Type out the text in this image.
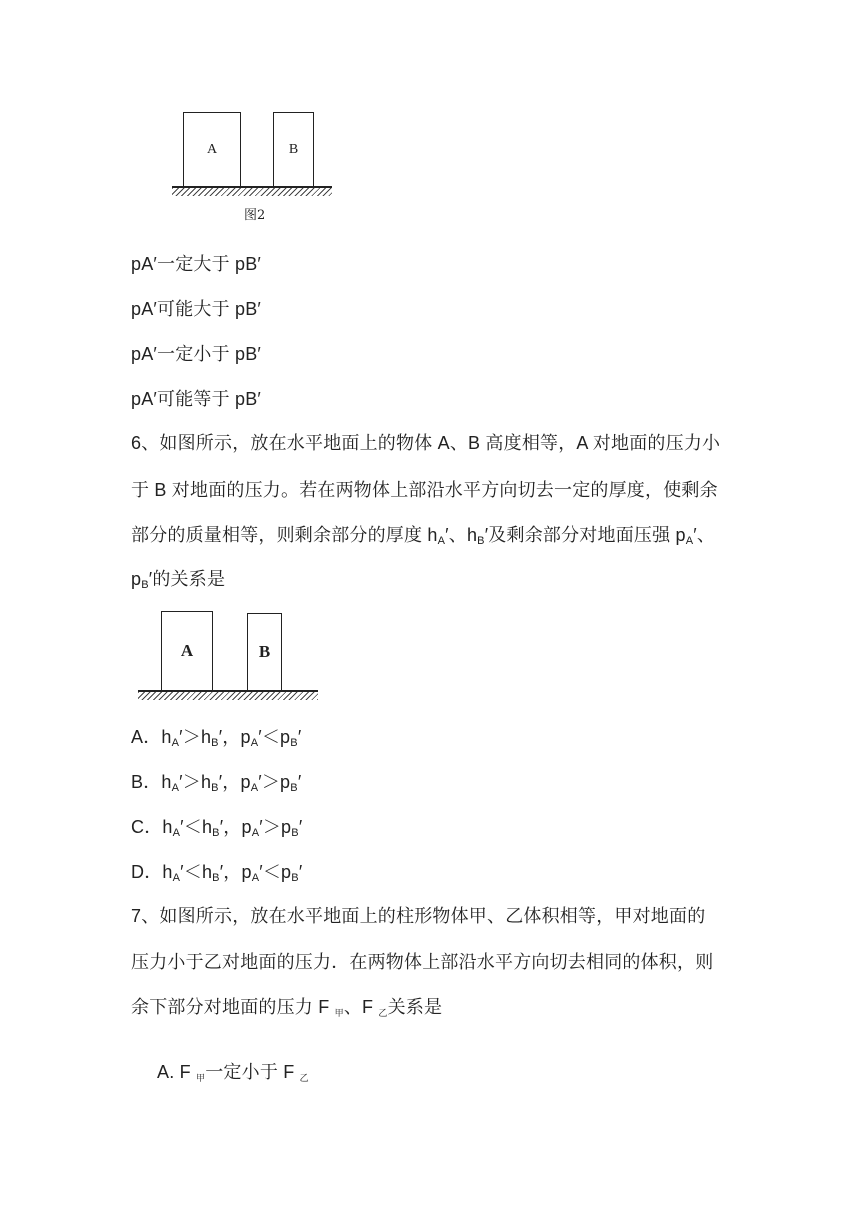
A	B
图2
pA′一定大于 pB′
pA′可能大于 pB′
pA′一定小于 pB′
pA′可能等于 pB′
6、如图所示，放在水平地面上的物体 A、B 高度相等，A 对地面的压力小
于 B 对地面的压力。若在两物体上部沿水平方向切去一定的厚度，使剩余
部分的质量相等，则剩余部分的厚度 $h_A'$、$h_B'$及剩余部分对地面压强 $p_A'$、
$p_B'$的关系是
A	B
A．$h_A'>h_B'$，$p_A'<p_B'$
B．$h_A'>h_B'$，$p_A'>p_B'$
C．$h_A'<h_B'$，$p_A'>p_B'$
D．$h_A'<h_B'$，$p_A'<p_B'$
7、如图所示，放在水平地面上的柱形物体甲、乙体积相等，甲对地面的
压力小于乙对地面的压力．在两物体上部沿水平方向切去相同的体积，则
余下部分对地面的压力 F $_甲$、F $_乙$关系是
A. F $_甲$一定小于 F $_乙$
